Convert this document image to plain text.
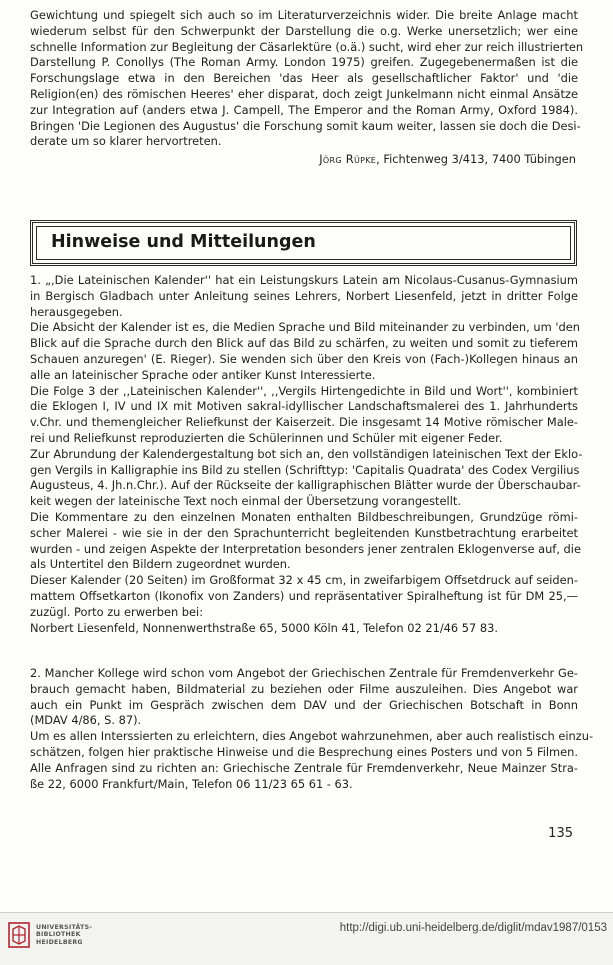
Gewichtung und spiegelt sich auch so im Literaturverzeichnis wider. Die breite Anlage macht
wiederum selbst für den Schwerpunkt der Darstellung die o.g. Werke unersetzlich; wer eine
schnelle Information zur Begleitung der Cäsarlektüre (o.ä.) sucht, wird eher zur reich illustrierten
Darstellung P. Conollys (The Roman Army. London 1975) greifen. Zugegebenermaßen ist die
Forschungslage etwa in den Bereichen 'das Heer als gesellschaftlicher Faktor' und 'die
Religion(en) des römischen Heeres' eher disparat, doch zeigt Junkelmann nicht einmal Ansätze
zur Integration auf (anders etwa J. Campell, The Emperor and the Roman Army, Oxford 1984).
Bringen 'Die Legionen des Augustus' die Forschung somit kaum weiter, lassen sie doch die Desi-
derate um so klarer hervortreten.
Jörg Rüpke, Fichtenweg 3/413, 7400 Tübingen
Hinweise und Mitteilungen
1. „,Die Lateinischen Kalender'' hat ein Leistungskurs Latein am Nicolaus-Cusanus-Gymnasium
in Bergisch Gladbach unter Anleitung seines Lehrers, Norbert Liesenfeld, jetzt in dritter Folge
herausgegeben.
Die Absicht der Kalender ist es, die Medien Sprache und Bild miteinander zu verbinden, um 'den
Blick auf die Sprache durch den Blick auf das Bild zu schärfen, zu weiten und somit zu tieferem
Schauen anzuregen' (E. Rieger). Sie wenden sich über den Kreis von (Fach-)Kollegen hinaus an
alle an lateinischer Sprache oder antiker Kunst Interessierte.
Die Folge 3 der ,,Lateinischen Kalender'', ,,Vergils Hirtengedichte in Bild und Wort'', kombiniert
die Eklogen I, IV und IX mit Motiven sakral-idyllischer Landschaftsmalerei des 1. Jahrhunderts
v.Chr. und themengleicher Reliefkunst der Kaiserzeit. Die insgesamt 14 Motive römischer Male-
rei und Reliefkunst reproduzierten die Schülerinnen und Schüler mit eigener Feder.
Zur Abrundung der Kalendergestaltung bot sich an, den vollständigen lateinischen Text der Eklo-
gen Vergils in Kalligraphie ins Bild zu stellen (Schrifttyp: 'Capitalis Quadrata' des Codex Vergilius
Augusteus, 4. Jh.n.Chr.). Auf der Rückseite der kalligraphischen Blätter wurde der Überschaubar-
keit wegen der lateinische Text noch einmal der Übersetzung vorangestellt.
Die Kommentare zu den einzelnen Monaten enthalten Bildbeschreibungen, Grundzüge römi-
scher Malerei - wie sie in der den Sprachunterricht begleitenden Kunstbetrachtung erarbeitet
wurden - und zeigen Aspekte der Interpretation besonders jener zentralen Eklogenverse auf, die
als Untertitel den Bildern zugeordnet wurden.
Dieser Kalender (20 Seiten) im Großformat 32 x 45 cm, in zweifarbigem Offsetdruck auf seiden-
mattem Offsetkarton (Ikonofix von Zanders) und repräsentativer Spiralheftung ist für DM 25,—
zuzügl. Porto zu erwerben bei:
Norbert Liesenfeld, Nonnenwerthstraße 65, 5000 Köln 41, Telefon 02 21/46 57 83.
2. Mancher Kollege wird schon vom Angebot der Griechischen Zentrale für Fremdenverkehr Ge-
brauch gemacht haben, Bildmaterial zu beziehen oder Filme auszuleihen. Dies Angebot war
auch ein Punkt im Gespräch zwischen dem DAV und der Griechischen Botschaft in Bonn
(MDAV 4/86, S. 87).
Um es allen Interssierten zu erleichtern, dies Angebot wahrzunehmen, aber auch realistisch einzu-
schätzen, folgen hier praktische Hinweise und die Besprechung eines Posters und von 5 Filmen.
Alle Anfragen sind zu richten an: Griechische Zentrale für Fremdenverkehr, Neue Mainzer Stra-
ße 22, 6000 Frankfurt/Main, Telefon 06 11/23 65 61 - 63.
135
UNIVERSITÄTS-
BIBLIOTHEK
HEIDELBERG
http://digi.ub.uni-heidelberg.de/diglit/mdav1987/0153
